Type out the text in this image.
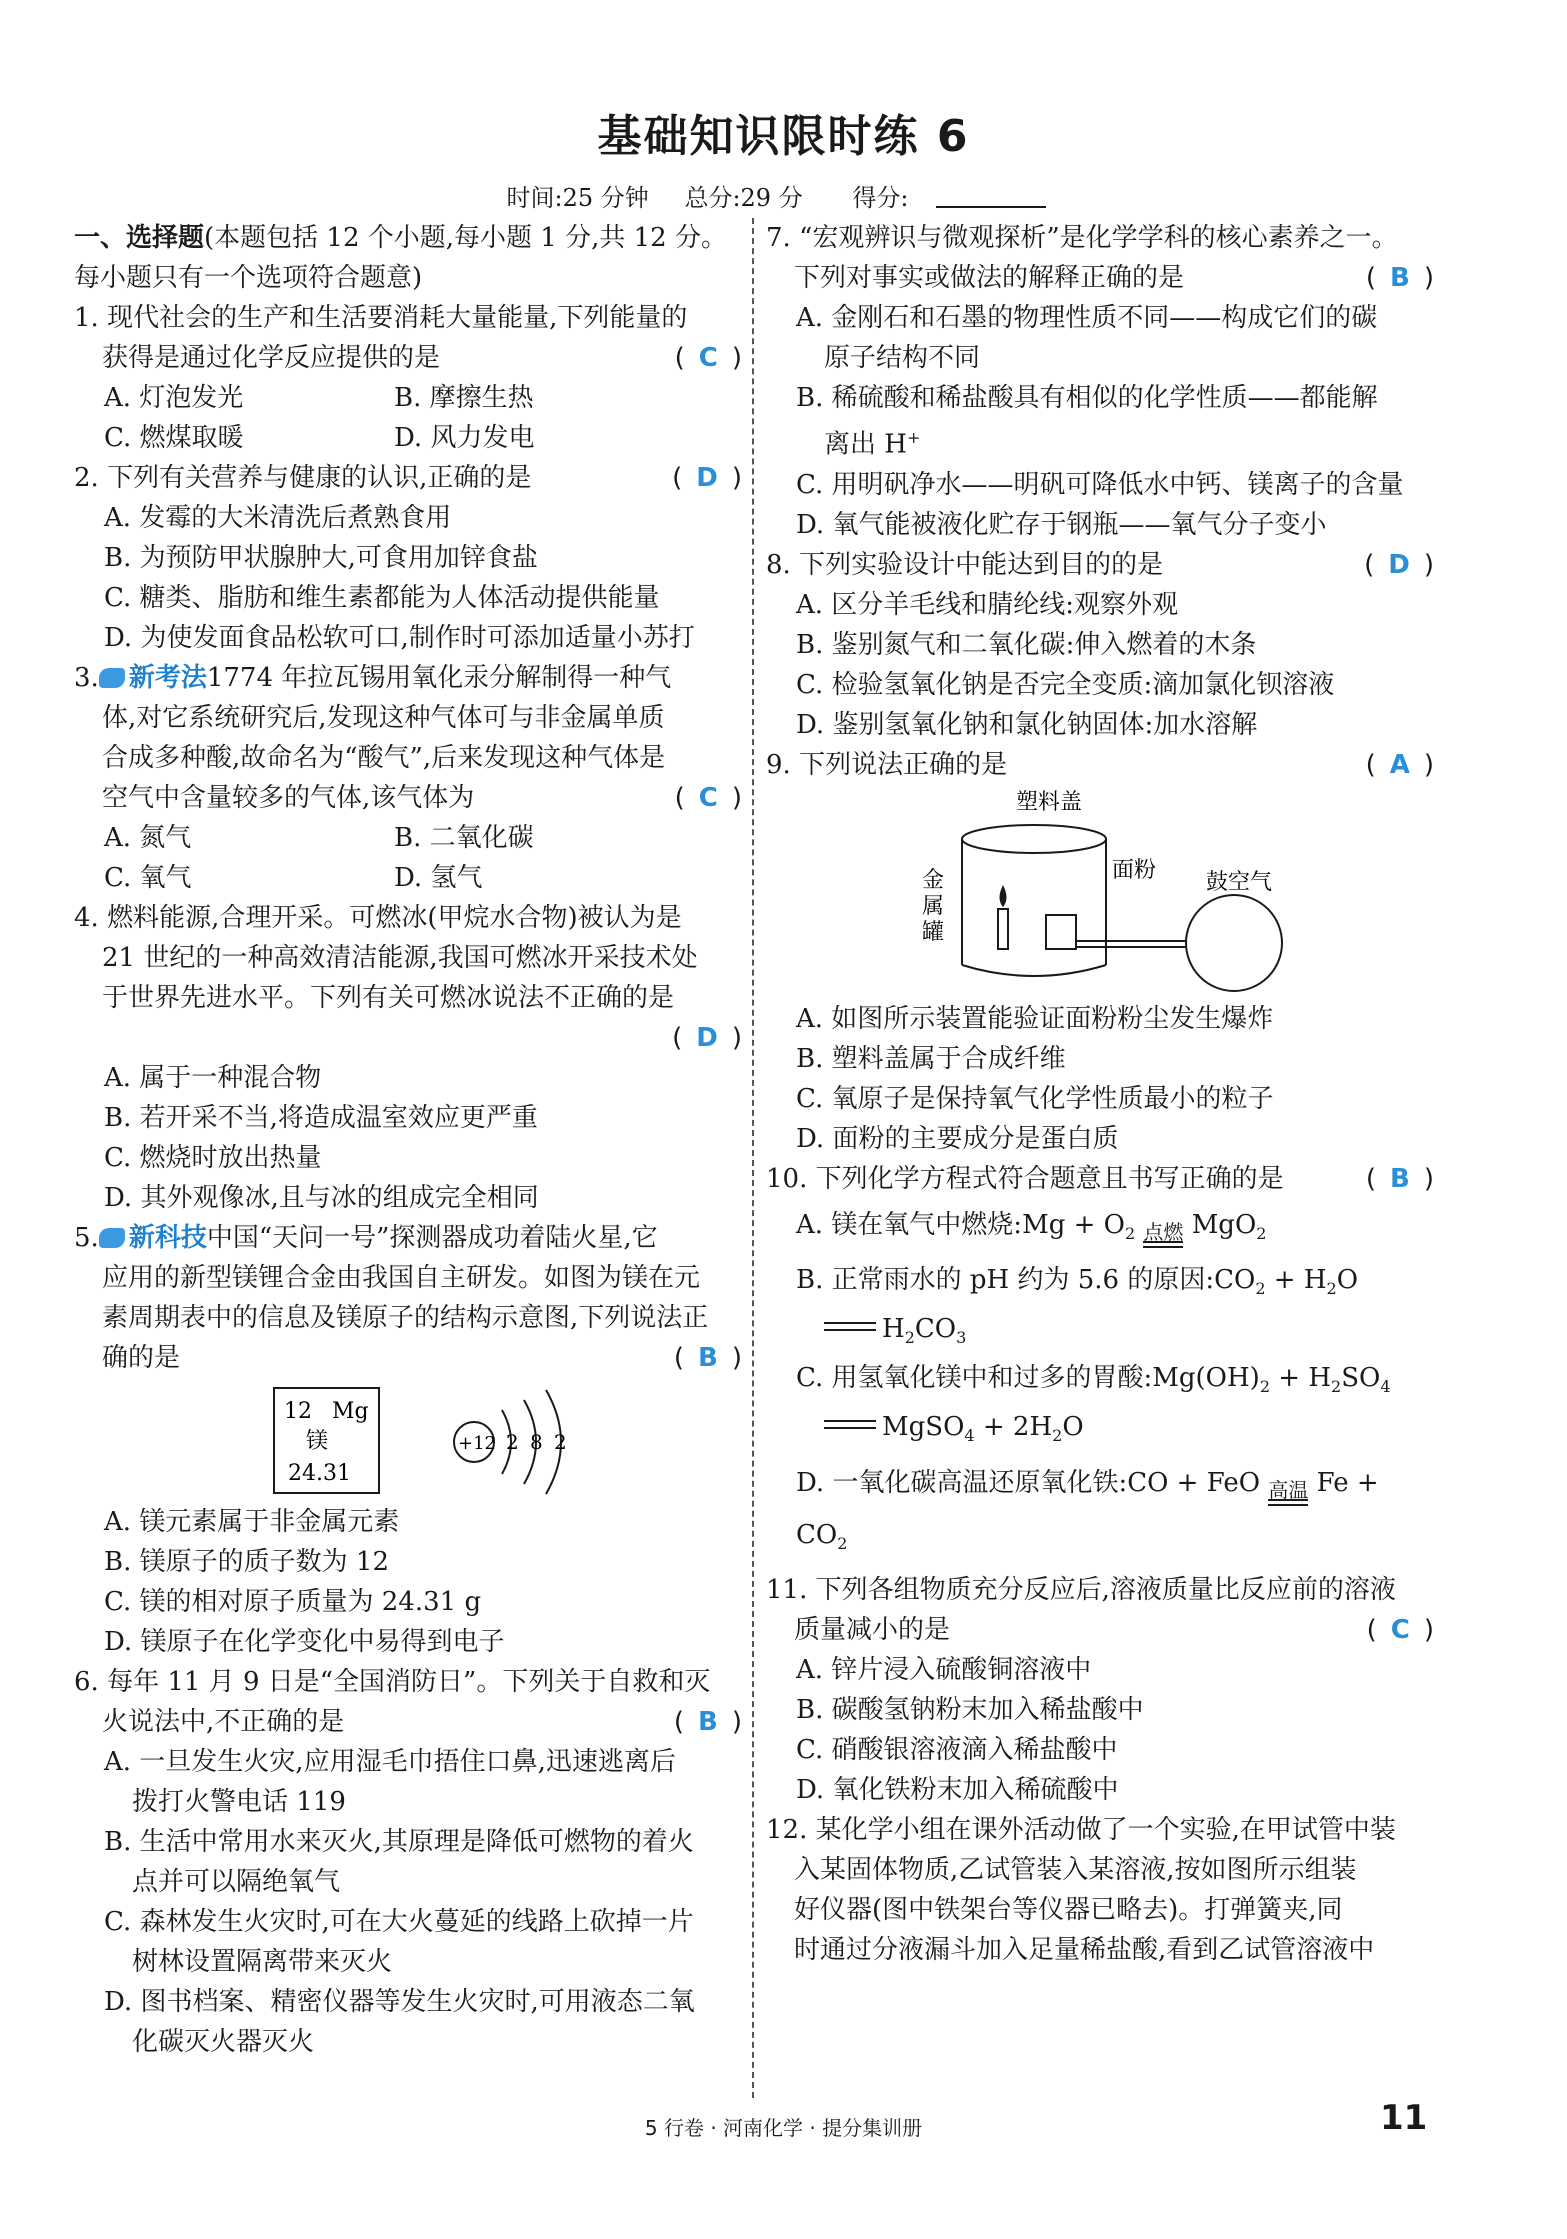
基础知识限时练 6
时间:25 分钟 总分:29 分 得分:
一、选择题(本题包括 12 个小题,每小题 1 分,共 12 分。 每小题只有一个选项符合题意)
1. 现代社会的生产和生活要消耗大量能量,下列能量的
获得是通过化学反应提供的是	( C )
A. 灯泡发光	B. 摩擦生热
C. 燃煤取暖	D. 风力发电
2. 下列有关营养与健康的认识,正确的是	( D )
A. 发霉的大米清洗后煮熟食用
B. 为预防甲状腺肿大,可食用加锌食盐
C. 糖类、脂肪和维生素都能为人体活动提供能量
D. 为使发面食品松软可口,制作时可添加适量小苏打
3. 新考法1774 年拉瓦锡用氧化汞分解制得一种气
体,对它系统研究后,发现这种气体可与非金属单质
合成多种酸,故命名为“酸气”,后来发现这种气体是
空气中含量较多的气体,该气体为	( C )
A. 氮气	B. 二氧化碳
C. 氧气	D. 氢气
4. 燃料能源,合理开采。可燃冰(甲烷水合物)被认为是
21 世纪的一种高效清洁能源,我国可燃冰开采技术处
于世界先进水平。下列有关可燃冰说法不正确的是
( D )
A. 属于一种混合物
B. 若开采不当,将造成温室效应更严重
C. 燃烧时放出热量
D. 其外观像冰,且与冰的组成完全相同
5. 新科技中国“天问一号”探测器成功着陆火星,它
应用的新型镁锂合金由我国自主研发。如图为镁在元
素周期表中的信息及镁原子的结构示意图,下列说法正
确的是	( B )
12 Mg
镁
24.31
+12 2 8 2
A. 镁元素属于非金属元素
B. 镁原子的质子数为 12
C. 镁的相对原子质量为 24.31 g
D. 镁原子在化学变化中易得到电子
6. 每年 11 月 9 日是“全国消防日”。下列关于自救和灭
火说法中,不正确的是	( B )
A. 一旦发生火灾,应用湿毛巾捂住口鼻,迅速逃离后
拨打火警电话 119
B. 生活中常用水来灭火,其原理是降低可燃物的着火
点并可以隔绝氧气
C. 森林发生火灾时,可在大火蔓延的线路上砍掉一片
树林设置隔离带来灭火
D. 图书档案、精密仪器等发生火灾时,可用液态二氧
化碳灭火器灭火
7. “宏观辨识与微观探析”是化学学科的核心素养之一。
下列对事实或做法的解释正确的是	( B )
A. 金刚石和石墨的物理性质不同——构成它们的碳
原子结构不同
B. 稀硫酸和稀盐酸具有相似的化学性质——都能解
离出 H+
C. 用明矾净水——明矾可降低水中钙、镁离子的含量
D. 氧气能被液化贮存于钢瓶——氧气分子变小
8. 下列实验设计中能达到目的的是	( D )
A. 区分羊毛线和腈纶线:观察外观
B. 鉴别氮气和二氧化碳:伸入燃着的木条
C. 检验氢氧化钠是否完全变质:滴加氯化钡溶液
D. 鉴别氢氧化钠和氯化钠固体:加水溶解
9. 下列说法正确的是	( A )
塑料盖
面粉 鼓空气
金
属
罐
A. 如图所示装置能验证面粉粉尘发生爆炸
B. 塑料盖属于合成纤维
C. 氧原子是保持氧气化学性质最小的粒子
D. 面粉的主要成分是蛋白质
10. 下列化学方程式符合题意且书写正确的是	( B )
A. 镁在氧气中燃烧:Mg + $O_2$ 点燃 MgO$_2$
B. 正常雨水的 pH 约为 5.6 的原因$:CO_2 + H_2O$
$H_2CO_3$
C. 用氢氧化镁中和过多的胃酸$:Mg(OH)_2 + H_2SO_4$
MgSO$_4$ + $2H_2O$
D. 一氧化碳高温还原氧化铁:CO + FeO 高温 $Fe + CO_2$
11. 下列各组物质充分反应后,溶液质量比反应前的溶液
质量减小的是	( C )
A. 锌片浸入硫酸铜溶液中
B. 碳酸氢钠粉末加入稀盐酸中
C. 硝酸银溶液滴入稀盐酸中
D. 氧化铁粉末加入稀硫酸中
12. 某化学小组在课外活动做了一个实验,在甲试管中装
入某固体物质,乙试管装入某溶液,按如图所示组装
好仪器(图中铁架台等仪器已略去)。打弹簧夹,同
时通过分液漏斗加入足量稀盐酸,看到乙试管溶液中
5 行卷 · 河南化学 · 提分集训册	11
